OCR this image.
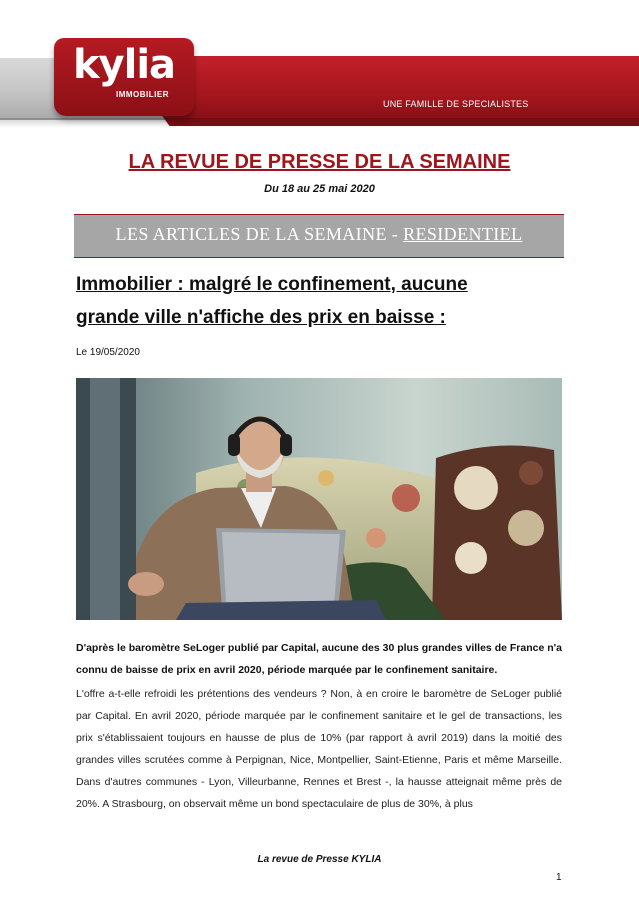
kylia
IMMOBILIER
UNE FAMILLE DE SPECIALISTES
LA REVUE DE PRESSE DE LA SEMAINE
Du 18 au 25 mai 2020
LES ARTICLES DE LA SEMAINE - RESIDENTIEL
Immobilier : malgré le confinement, aucune
grande ville n'affiche des prix en baisse :
Le 19/05/2020
D'après le baromètre SeLoger publié par Capital, aucune des 30 plus grandes villes de France n'a connu de baisse de prix en avril 2020, période marquée par le confinement sanitaire.
L'offre a-t-elle refroidi les prétentions des vendeurs ? Non, à en croire le baromètre de SeLoger publié par Capital. En avril 2020, période marquée par le confinement sanitaire et le gel de transactions, les prix s'établissaient toujours en hausse de plus de 10% (par rapport à avril 2019) dans la moitié des grandes villes scrutées comme à Perpignan, Nice, Montpellier, Saint-Etienne, Paris et même Marseille. Dans d'autres communes - Lyon, Villeurbanne, Rennes et Brest -, la hausse atteignait même près de 20%. A Strasbourg, on observait même un bond spectaculaire de plus de 30%, à plus
La revue de Presse KYLIA
1
